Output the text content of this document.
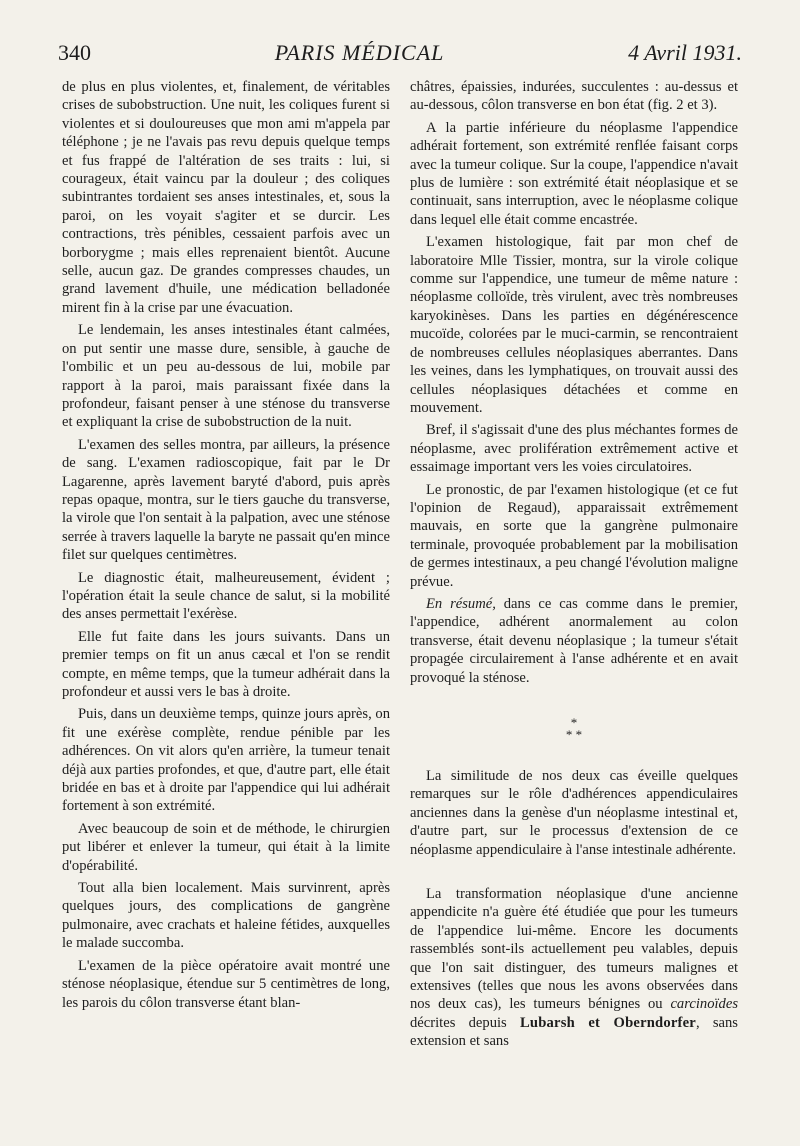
340	PARIS MÉDICAL	4 Avril 1931.

de plus en plus violentes, et, finalement, de véritables crises de subobstruction. Une nuit, les coliques furent si violentes et si douloureuses que mon ami m'appela par téléphone ; je ne l'avais pas revu depuis quelque temps et fus frappé de l'altération de ses traits : lui, si courageux, était vaincu par la douleur ; des coliques subintrantes tordaient ses anses intestinales, et, sous la paroi, on les voyait s'agiter et se durcir. Les contractions, très pénibles, cessaient parfois avec un borborygme ; mais elles reprenaient bientôt. Aucune selle, aucun gaz. De grandes compresses chaudes, un grand lavement d'huile, une médication belladonée mirent fin à la crise par une évacuation.

Le lendemain, les anses intestinales étant calmées, on put sentir une masse dure, sensible, à gauche de l'ombilic et un peu au-dessous de lui, mobile par rapport à la paroi, mais paraissant fixée dans la profondeur, faisant penser à une sténose du transverse et expliquant la crise de subobstruction de la nuit.

L'examen des selles montra, par ailleurs, la présence de sang. L'examen radioscopique, fait par le Dr Lagarenne, après lavement baryté d'abord, puis après repas opaque, montra, sur le tiers gauche du transverse, la virole que l'on sentait à la palpation, avec une sténose serrée à travers laquelle la baryte ne passait qu'en mince filet sur quelques centimètres.

Le diagnostic était, malheureusement, évident ; l'opération était la seule chance de salut, si la mobilité des anses permettait l'exérèse.

Elle fut faite dans les jours suivants. Dans un premier temps on fit un anus cæcal et l'on se rendit compte, en même temps, que la tumeur adhérait dans la profondeur et aussi vers le bas à droite.

Puis, dans un deuxième temps, quinze jours après, on fit une exérèse complète, rendue pénible par les adhérences. On vit alors qu'en arrière, la tumeur tenait déjà aux parties profondes, et que, d'autre part, elle était bridée en bas et à droite par l'appendice qui lui adhérait fortement à son extrémité.

Avec beaucoup de soin et de méthode, le chirurgien put libérer et enlever la tumeur, qui était à la limite d'opérabilité.

Tout alla bien localement. Mais survinrent, après quelques jours, des complications de gangrène pulmonaire, avec crachats et haleine fétides, auxquelles le malade succomba.

L'examen de la pièce opératoire avait montré une sténose néoplasique, étendue sur 5 centimètres de long, les parois du côlon transverse étant blan-

châtres, épaissies, indurées, succulentes : au-dessus et au-dessous, côlon transverse en bon état (fig. 2 et 3).

A la partie inférieure du néoplasme l'appendice adhérait fortement, son extrémité renflée faisant corps avec la tumeur colique. Sur la coupe, l'appendice n'avait plus de lumière : son extrémité était néoplasique et se continuait, sans interruption, avec le néoplasme colique dans lequel elle était comme encastrée.

L'examen histologique, fait par mon chef de laboratoire Mlle Tissier, montra, sur la virole colique comme sur l'appendice, une tumeur de même nature : néoplasme colloïde, très virulent, avec très nombreuses karyokinèses. Dans les parties en dégénérescence mucoïde, colorées par le muci-carmin, se rencontraient de nombreuses cellules néoplasiques aberrantes. Dans les veines, dans les lymphatiques, on trouvait aussi des cellules néoplasiques détachées et comme en mouvement.

Bref, il s'agissait d'une des plus méchantes formes de néoplasme, avec prolifération extrêmement active et essaimage important vers les voies circulatoires.

Le pronostic, de par l'examen histologique (et ce fut l'opinion de Regaud), apparaissait extrêmement mauvais, en sorte que la gangrène pulmonaire terminale, provoquée probablement par la mobilisation de germes intestinaux, a peu changé l'évolution maligne prévue.

En résumé, dans ce cas comme dans le premier, l'appendice, adhérent anormalement au colon transverse, était devenu néoplasique ; la tumeur s'était propagée circulairement à l'anse adhérente et en avait provoqué la sténose.

*
* *

La similitude de nos deux cas éveille quelques remarques sur le rôle d'adhérences appendiculaires anciennes dans la genèse d'un néoplasme intestinal et, d'autre part, sur le processus d'extension de ce néoplasme appendiculaire à l'anse intestinale adhérente.

La transformation néoplasique d'une ancienne appendicite n'a guère été étudiée que pour les tumeurs de l'appendice lui-même. Encore les documents rassemblés sont-ils actuellement peu valables, depuis que l'on sait distinguer, des tumeurs malignes et extensives (telles que nous les avons observées dans nos deux cas), les tumeurs bénignes ou carcinoïdes décrites depuis Lubarsh et Oberndorfer, sans extension et sans
